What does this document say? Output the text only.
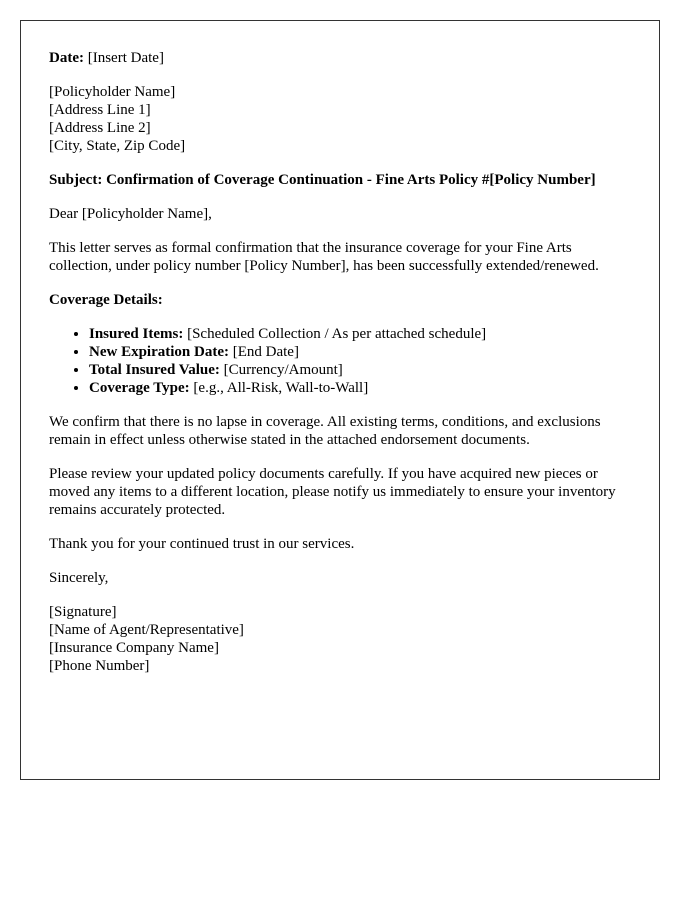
Date: [Insert Date]

[Policyholder Name]
[Address Line 1]
[Address Line 2]
[City, State, Zip Code]

Subject: Confirmation of Coverage Continuation - Fine Arts Policy #[Policy Number]

Dear [Policyholder Name],

This letter serves as formal confirmation that the insurance coverage for your Fine Arts collection, under policy number [Policy Number], has been successfully extended/renewed.

Coverage Details:

• Insured Items: [Scheduled Collection / As per attached schedule]
• New Expiration Date: [End Date]
• Total Insured Value: [Currency/Amount]
• Coverage Type: [e.g., All-Risk, Wall-to-Wall]

We confirm that there is no lapse in coverage. All existing terms, conditions, and exclusions remain in effect unless otherwise stated in the attached endorsement documents.

Please review your updated policy documents carefully. If you have acquired new pieces or moved any items to a different location, please notify us immediately to ensure your inventory remains accurately protected.

Thank you for your continued trust in our services.

Sincerely,

[Signature]
[Name of Agent/Representative]
[Insurance Company Name]
[Phone Number]
